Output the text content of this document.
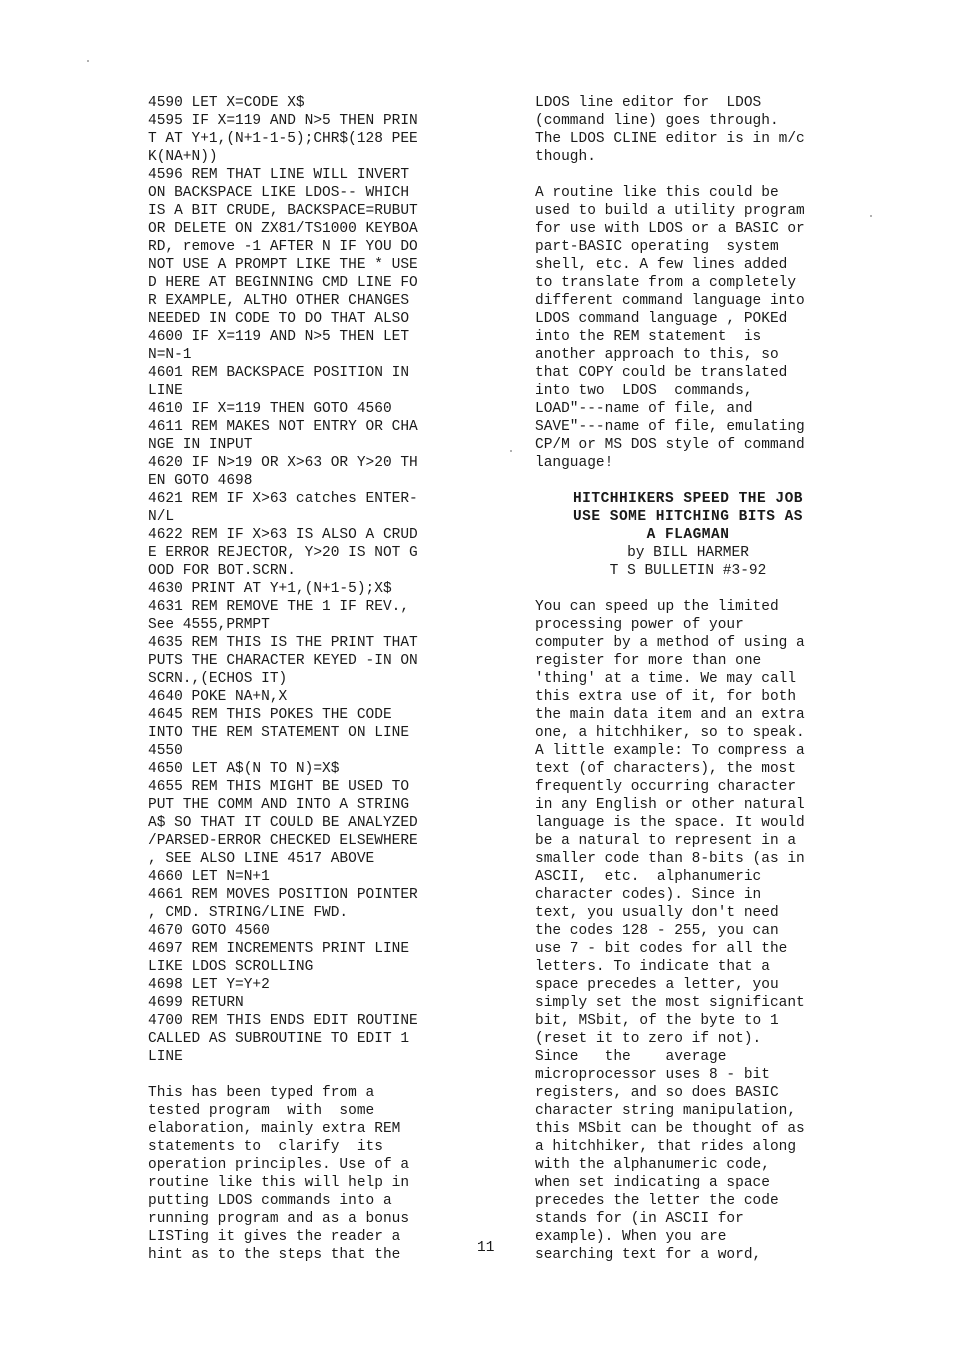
4590 LET X=CODE X$
4595 IF X=119 AND N>5 THEN PRIN
T AT Y+1,(N+1-1-5);CHR$(128 PEE
K(NA+N))
4596 REM THAT LINE WILL INVERT
ON BACKSPACE LIKE LDOS-- WHICH
IS A BIT CRUDE, BACKSPACE=RUBUT
OR DELETE ON ZX81/TS1000 KEYBOA
RD, remove -1 AFTER N IF YOU DO
NOT USE A PROMPT LIKE THE * USE
D HERE AT BEGINNING CMD LINE FO
R EXAMPLE, ALTHO OTHER CHANGES
NEEDED IN CODE TO DO THAT ALSO
4600 IF X=119 AND N>5 THEN LET
N=N-1
4601 REM BACKSPACE POSITION IN
LINE
4610 IF X=119 THEN GOTO 4560
4611 REM MAKES NOT ENTRY OR CHA
NGE IN INPUT
4620 IF N>19 OR X>63 OR Y>20 TH
EN GOTO 4698
4621 REM IF X>63 catches ENTER-
N/L
4622 REM IF X>63 IS ALSO A CRUD
E ERROR REJECTOR, Y>20 IS NOT G
OOD FOR BOT.SCRN.
4630 PRINT AT Y+1,(N+1-5);X$
4631 REM REMOVE THE 1 IF REV.,
See 4555,PRMPT
4635 REM THIS IS THE PRINT THAT
PUTS THE CHARACTER KEYED -IN ON
SCRN.,(ECHOS IT)
4640 POKE NA+N,X
4645 REM THIS POKES THE CODE
INTO THE REM STATEMENT ON LINE
4550
4650 LET A$(N TO N)=X$
4655 REM THIS MIGHT BE USED TO
PUT THE COMM AND INTO A STRING
A$ SO THAT IT COULD BE ANALYZED
/PARSED-ERROR CHECKED ELSEWHERE
, SEE ALSO LINE 4517 ABOVE
4660 LET N=N+1
4661 REM MOVES POSITION POINTER
, CMD. STRING/LINE FWD.
4670 GOTO 4560
4697 REM INCREMENTS PRINT LINE
LIKE LDOS SCROLLING
4698 LET Y=Y+2
4699 RETURN
4700 REM THIS ENDS EDIT ROUTINE
CALLED AS SUBROUTINE TO EDIT 1
LINE
This has been typed from a
tested program  with  some
elaboration, mainly extra REM
statements to  clarify  its
operation principles. Use of a
routine like this will help in
putting LDOS commands into a
running program and as a bonus
LISTing it gives the reader a
hint as to the steps that the
LDOS line editor for  LDOS
(command line) goes through.
The LDOS CLINE editor is in m/c
though.
A routine like this could be
used to build a utility program
for use with LDOS or a BASIC or
part-BASIC operating  system
shell, etc. A few lines added
to translate from a completely
different command language into
LDOS command language , POKEd
into the REM statement  is
another approach to this, so
that COPY could be translated
into two  LDOS  commands,
LOAD"---name of file, and
SAVE"---name of file, emulating
CP/M or MS DOS style of command
language!
HITCHHIKERS SPEED THE JOB
USE SOME HITCHING BITS AS
A FLAGMAN
by BILL HARMER
T S BULLETIN #3-92
You can speed up the limited
processing power of your
computer by a method of using a
register for more than one
'thing' at a time. We may call
this extra use of it, for both
the main data item and an extra
one, a hitchhiker, so to speak.
A little example: To compress a
text (of characters), the most
frequently occurring character
in any English or other natural
language is the space. It would
be a natural to represent in a
smaller code than 8-bits (as in
ASCII,  etc.  alphanumeric
character codes). Since in
text, you usually don't need
the codes 128 - 255, you can
use 7 - bit codes for all the
letters. To indicate that a
space precedes a letter, you
simply set the most significant
bit, MSbit, of the byte to 1
(reset it to zero if not).
Since   the    average
microprocessor uses 8 - bit
registers, and so does BASIC
character string manipulation,
this MSbit can be thought of as
a hitchhiker, that rides along
with the alphanumeric code,
when set indicating a space
precedes the letter the code
stands for (in ASCII for
example). When you are
searching text for a word,
11
